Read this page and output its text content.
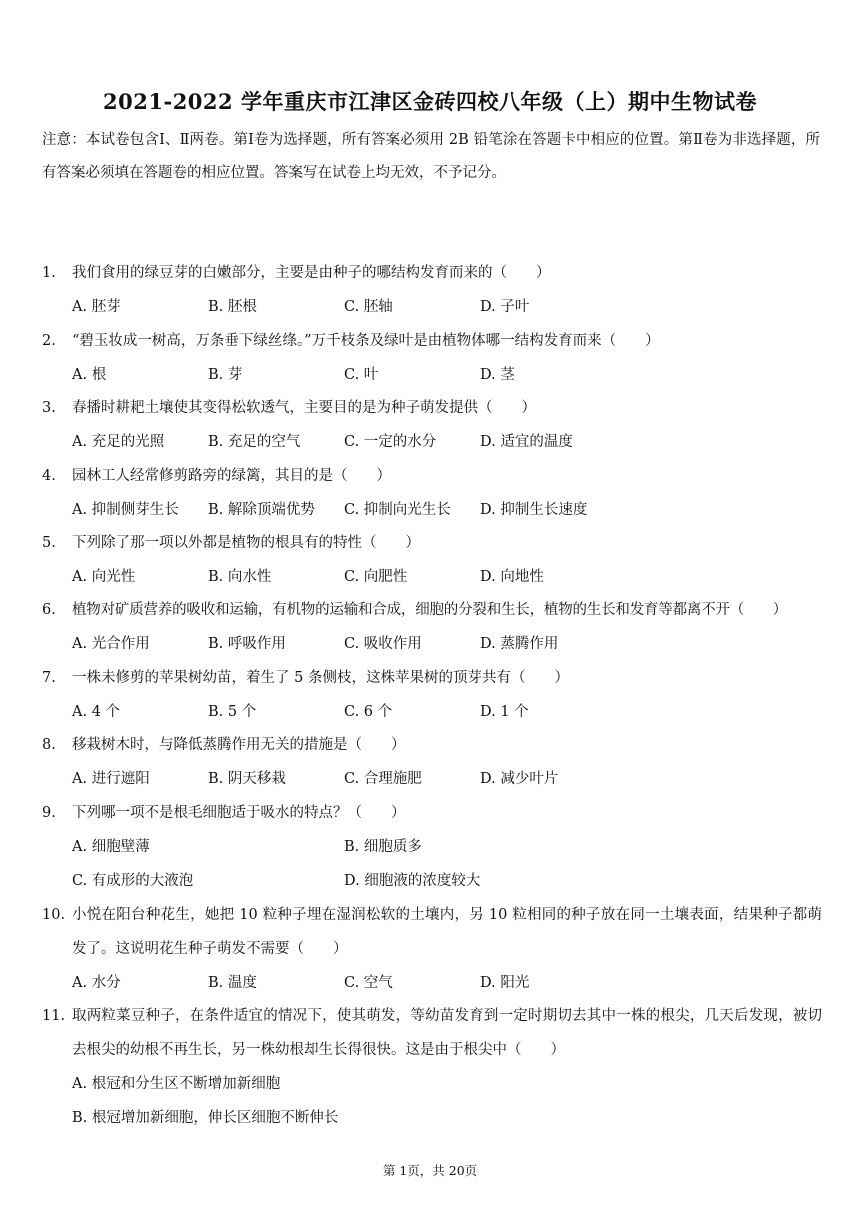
2021-2022 学年重庆市江津区金砖四校八年级（上）期中生物试卷
注意：本试卷包含Ⅰ、Ⅱ两卷。第Ⅰ卷为选择题，所有答案必须用 2B 铅笔涂在答题卡中相应的位置。第Ⅱ卷为非选择题，所有答案必须填在答题卷的相应位置。答案写在试卷上均无效，不予记分。
1.	我们食用的绿豆芽的白嫩部分，主要是由种子的哪结构发育而来的（　　）
A. 胚芽	B. 胚根	C. 胚轴	D. 子叶
2.	“碧玉妆成一树高，万条垂下绿丝绦。”万千枝条及绿叶是由植物体哪一结构发育而来（　　）
A. 根	B. 芽	C. 叶	D. 茎
3.	春播时耕耙土壤使其变得松软透气，主要目的是为种子萌发提供（　　）
A. 充足的光照	B. 充足的空气	C. 一定的水分	D. 适宜的温度
4.	园林工人经常修剪路旁的绿篱，其目的是（　　）
A. 抑制侧芽生长 B. 解除顶端优势 C. 抑制向光生长 D. 抑制生长速度
5.	下列除了那一项以外都是植物的根具有的特性（　　）
A. 向光性	B. 向水性	C. 向肥性	D. 向地性
6.	植物对矿质营养的吸收和运输，有机物的运输和合成，细胞的分裂和生长，植物的生长和发育等都离不开（　　）
A. 光合作用	B. 呼吸作用	C. 吸收作用	D. 蒸腾作用
7.	一株未修剪的苹果树幼苗，着生了 5 条侧枝，这株苹果树的顶芽共有（　　）
A. 4 个	B. 5 个	C. 6 个	D. 1 个
8.	移栽树木时，与降低蒸腾作用无关的措施是（　　）
A. 进行遮阳	B. 阴天移栽	C. 合理施肥	D. 减少叶片
9.	下列哪一项不是根毛细胞适于吸水的特点？（　　）
A. 细胞壁薄	B. 细胞质多
C. 有成形的大液泡	D. 细胞液的浓度较大
10. 小悦在阳台种花生，她把 10 粒种子埋在湿润松软的土壤内，另 10 粒相同的种子放在同一土壤表面，结果种子都萌发了。这说明花生种子萌发不需要（　　）
A. 水分	B. 温度	C. 空气	D. 阳光
11. 取两粒菜豆种子，在条件适宜的情况下，使其萌发，等幼苗发育到一定时期切去其中一株的根尖，几天后发现，被切去根尖的幼根不再生长，另一株幼根却生长得很快。这是由于根尖中（　　）
A. 根冠和分生区不断增加新细胞
B. 根冠增加新细胞，伸长区细胞不断伸长
第 1页，共 20页
